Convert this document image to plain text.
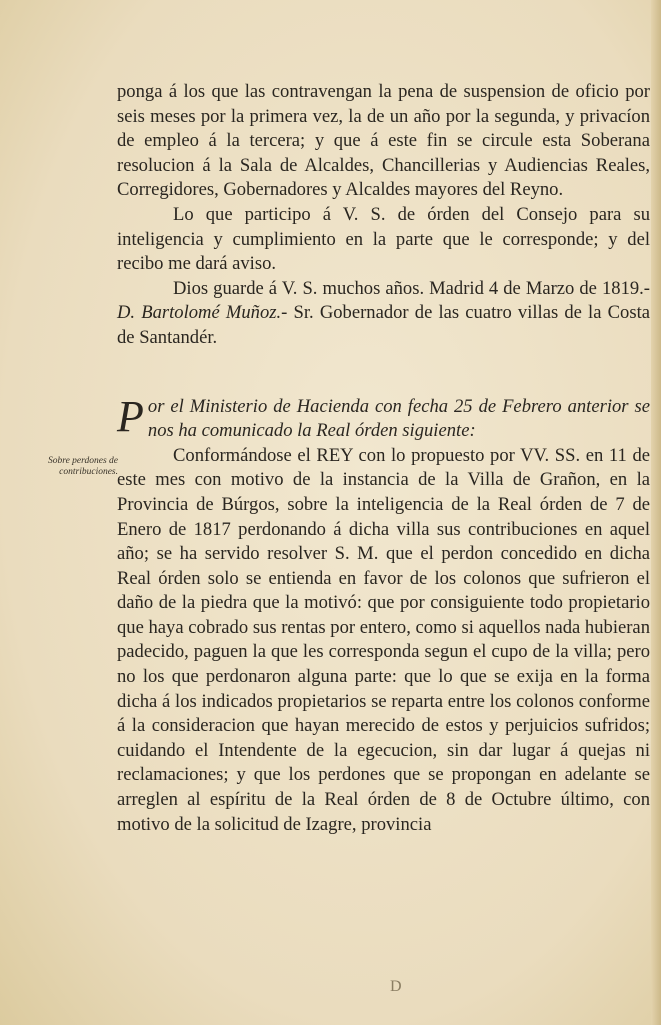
ponga á los que las contravengan la pena de suspension de oficio por seis meses por la primera vez, la de un año por la segunda, y privacíon de empleo á la tercera; y que á este fin se circule esta Soberana resolucion á la Sala de Alcaldes, Chancillerias y Audiencias Reales, Corregidores, Gobernadores y Alcaldes mayores del Reyno.

Lo que participo á V. S. de órden del Consejo para su inteligencia y cumplimiento en la parte que le corresponde; y del recibo me dará aviso.

Dios guarde á V. S. muchos años. Madrid 4 de Marzo de 1819.-D. Bartolomé Muñoz.- Sr. Gobernador de las cuatro villas de la Costa de Santandér.

Por el Ministerio de Hacienda con fecha 25 de Febrero anterior se nos ha comunicado la Real órden siguiente:

Conformándose el REY con lo propuesto por VV. SS. en 11 de este mes con motivo de la instancia de la Villa de Grañon, en la Provincia de Búrgos, sobre la inteligencia de la Real órden de 7 de Enero de 1817 perdonando á dicha villa sus contribuciones en aquel año; se ha servido resolver S. M. que el perdon concedido en dicha Real órden solo se entienda en favor de los colonos que sufrieron el daño de la piedra que la motivó: que por consiguiente todo propietario que haya cobrado sus rentas por entero, como si aquellos nada hubieran padecido, paguen la que les corresponda segun el cupo de la villa; pero no los que perdonaron alguna parte: que lo que se exija en la forma dicha á los indicados propietarios se reparta entre los colonos conforme á la consideracion que hayan merecido de estos y perjuicios sufridos; cuidando el Intendente de la egecucion, sin dar lugar á quejas ni reclamaciones; y que los perdones que se propongan en adelante se arreglen al espíritu de la Real órden de 8 de Octubre último, con motivo de la solicitud de Izagre, provincia

Sobre perdones de contribuciones.
D
